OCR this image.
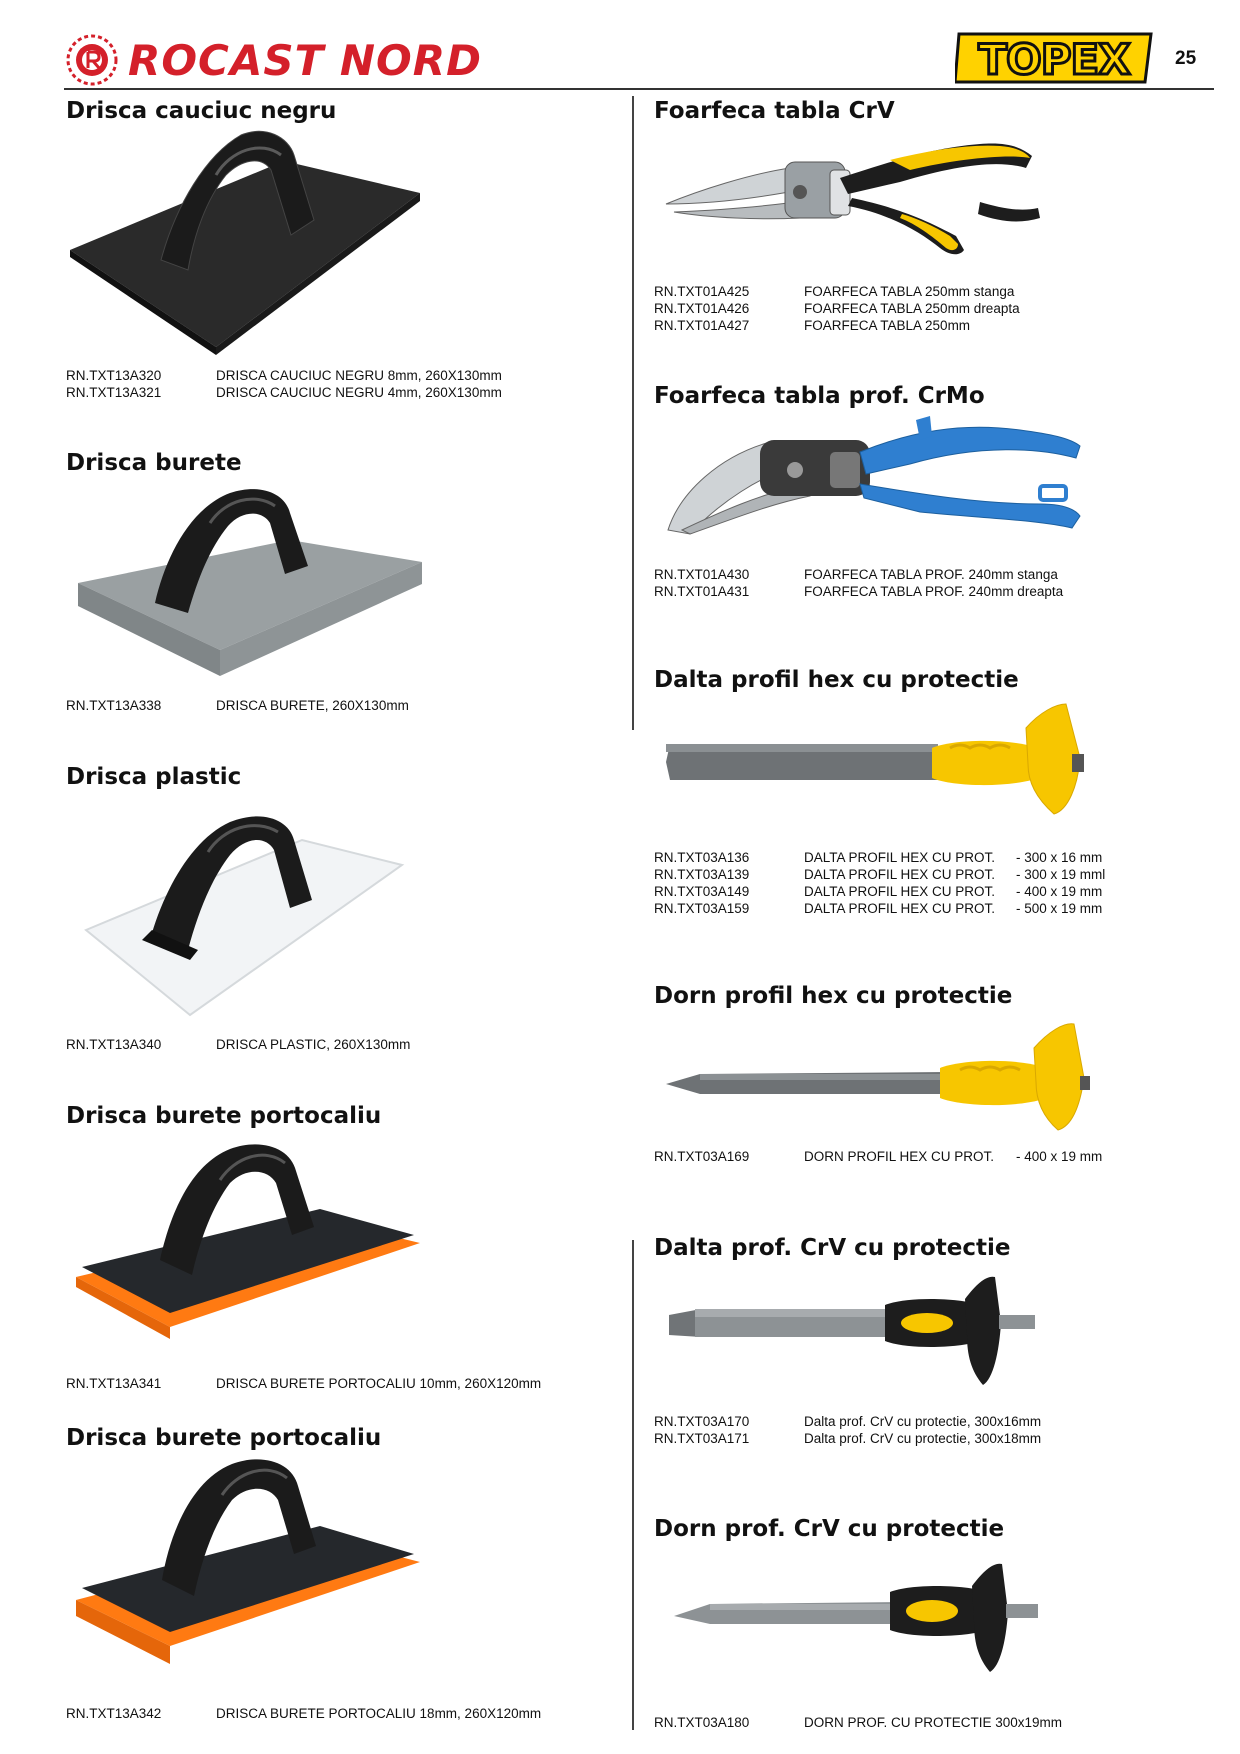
ROCAST NORD	TOPEX 25
Drisca cauciuc negru
RN.TXT13A320	DRISCA CAUCIUC NEGRU 8mm, 260X130mm
RN.TXT13A321	DRISCA CAUCIUC NEGRU 4mm, 260X130mm
Drisca burete
RN.TXT13A338	DRISCA BURETE, 260X130mm
Drisca plastic
RN.TXT13A340	DRISCA PLASTIC, 260X130mm
Drisca burete portocaliu
RN.TXT13A341	DRISCA BURETE PORTOCALIU 10mm, 260X120mm
Drisca burete portocaliu
RN.TXT13A342	DRISCA BURETE PORTOCALIU 18mm, 260X120mm
Foarfeca tabla CrV
RN.TXT01A425	FOARFECA TABLA 250mm stanga
RN.TXT01A426	FOARFECA TABLA 250mm dreapta
RN.TXT01A427	FOARFECA TABLA 250mm
Foarfeca tabla prof. CrMo
RN.TXT01A430	FOARFECA TABLA PROF. 240mm stanga
RN.TXT01A431	FOARFECA TABLA PROF. 240mm dreapta
Dalta profil hex cu protectie
RN.TXT03A136	DALTA PROFIL HEX CU PROT. - 300 x 16 mm
RN.TXT03A139	DALTA PROFIL HEX CU PROT. - 300 x 19 mml
RN.TXT03A149	DALTA PROFIL HEX CU PROT. - 400 x 19 mm
RN.TXT03A159	DALTA PROFIL HEX CU PROT. - 500 x 19 mm
Dorn profil hex cu protectie
RN.TXT03A169	DORN PROFIL HEX CU PROT. - 400 x 19 mm
Dalta prof. CrV cu protectie
RN.TXT03A170	Dalta prof. CrV cu protectie, 300x16mm
RN.TXT03A171	Dalta prof. CrV cu protectie, 300x18mm
Dorn prof. CrV cu protectie
RN.TXT03A180	DORN PROF. CU PROTECTIE 300x19mm
